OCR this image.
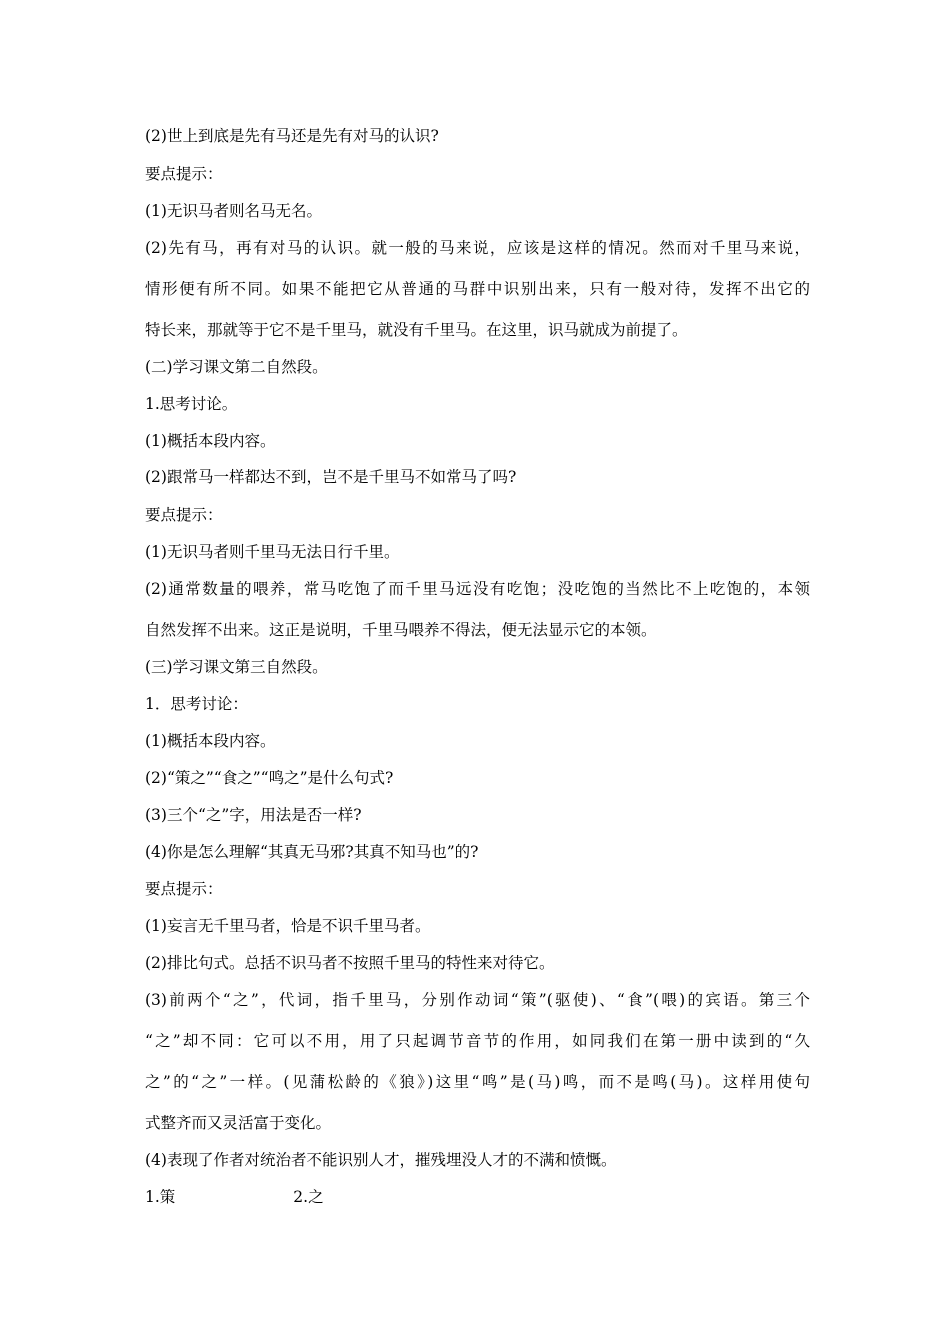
(2)世上到底是先有马还是先有对马的认识?
要点提示：
(1)无识马者则名马无名。
(2)先有马，再有对马的认识。就一般的马来说，应该是这样的情况。然而对千里马来说，
情形便有所不同。如果不能把它从普通的马群中识别出来，只有一般对待，发挥不出它的
特长来，那就等于它不是千里马，就没有千里马。在这里，识马就成为前提了。
(二)学习课文第二自然段。
1.思考讨论。
(1)概括本段内容。
(2)跟常马一样都达不到，岂不是千里马不如常马了吗?
要点提示：
(1)无识马者则千里马无法日行千里。
(2)通常数量的喂养，常马吃饱了而千里马远没有吃饱；没吃饱的当然比不上吃饱的，本领
自然发挥不出来。这正是说明，千里马喂养不得法，便无法显示它的本领。
(三)学习课文第三自然段。
1．思考讨论：
(1)概括本段内容。
(2)“策之”“食之”“鸣之”是什么句式?
(3)三个“之”字，用法是否一样?
(4)你是怎么理解“其真无马邪?其真不知马也”的?
要点提示：
(1)妄言无千里马者，恰是不识千里马者。
(2)排比句式。总括不识马者不按照千里马的特性来对待它。
(3)前两个“之”，代词，指千里马，分别作动词“策”(驱使)、“食”(喂)的宾语。第三个
“之”却不同：它可以不用，用了只起调节音节的作用，如同我们在第一册中读到的“久
之”的“之”一样。(见蒲松龄的《狼》)这里“鸣”是(马)鸣，而不是鸣(马)。这样用使句
式整齐而又灵活富于变化。
(4)表现了作者对统治者不能识别人才，摧残埋没人才的不满和愤慨。
1.策	2.之
